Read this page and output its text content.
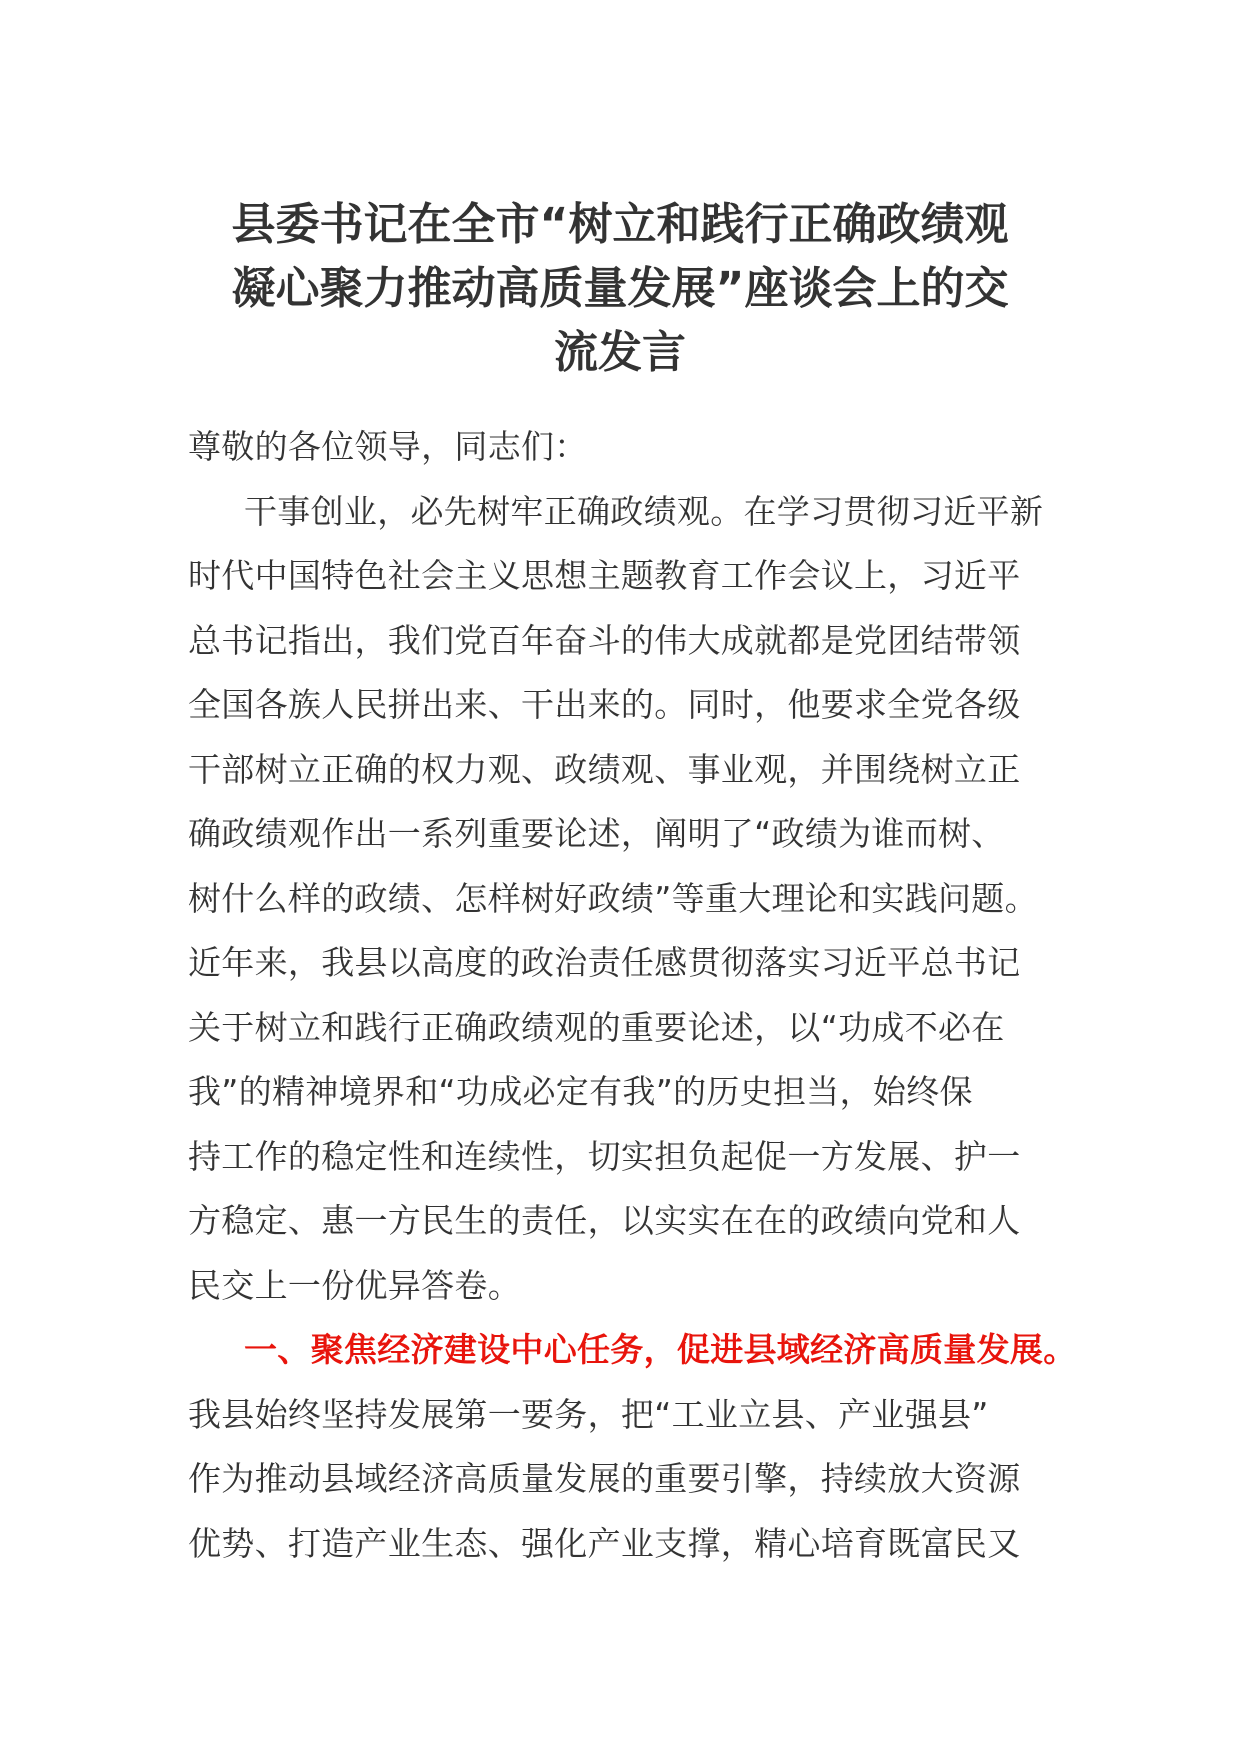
县委书记在全市“树立和践行正确政绩观
凝心聚力推动高质量发展”座谈会上的交
流发言
尊敬的各位领导，同志们：
干事创业，必先树牢正确政绩观。在学习贯彻习近平新
时代中国特色社会主义思想主题教育工作会议上，习近平
总书记指出，我们党百年奋斗的伟大成就都是党团结带领
全国各族人民拼出来、干出来的。同时，他要求全党各级
干部树立正确的权力观、政绩观、事业观，并围绕树立正
确政绩观作出一系列重要论述，阐明了“政绩为谁而树、
树什么样的政绩、怎样树好政绩”等重大理论和实践问题。
近年来，我县以高度的政治责任感贯彻落实习近平总书记
关于树立和践行正确政绩观的重要论述，以“功成不必在
我”的精神境界和“功成必定有我”的历史担当，始终保
持工作的稳定性和连续性，切实担负起促一方发展、护一
方稳定、惠一方民生的责任，以实实在在的政绩向党和人
民交上一份优异答卷。
一、聚焦经济建设中心任务，促进县域经济高质量发展。
我县始终坚持发展第一要务，把“工业立县、产业强县”
作为推动县域经济高质量发展的重要引擎，持续放大资源
优势、打造产业生态、强化产业支撑，精心培育既富民又
